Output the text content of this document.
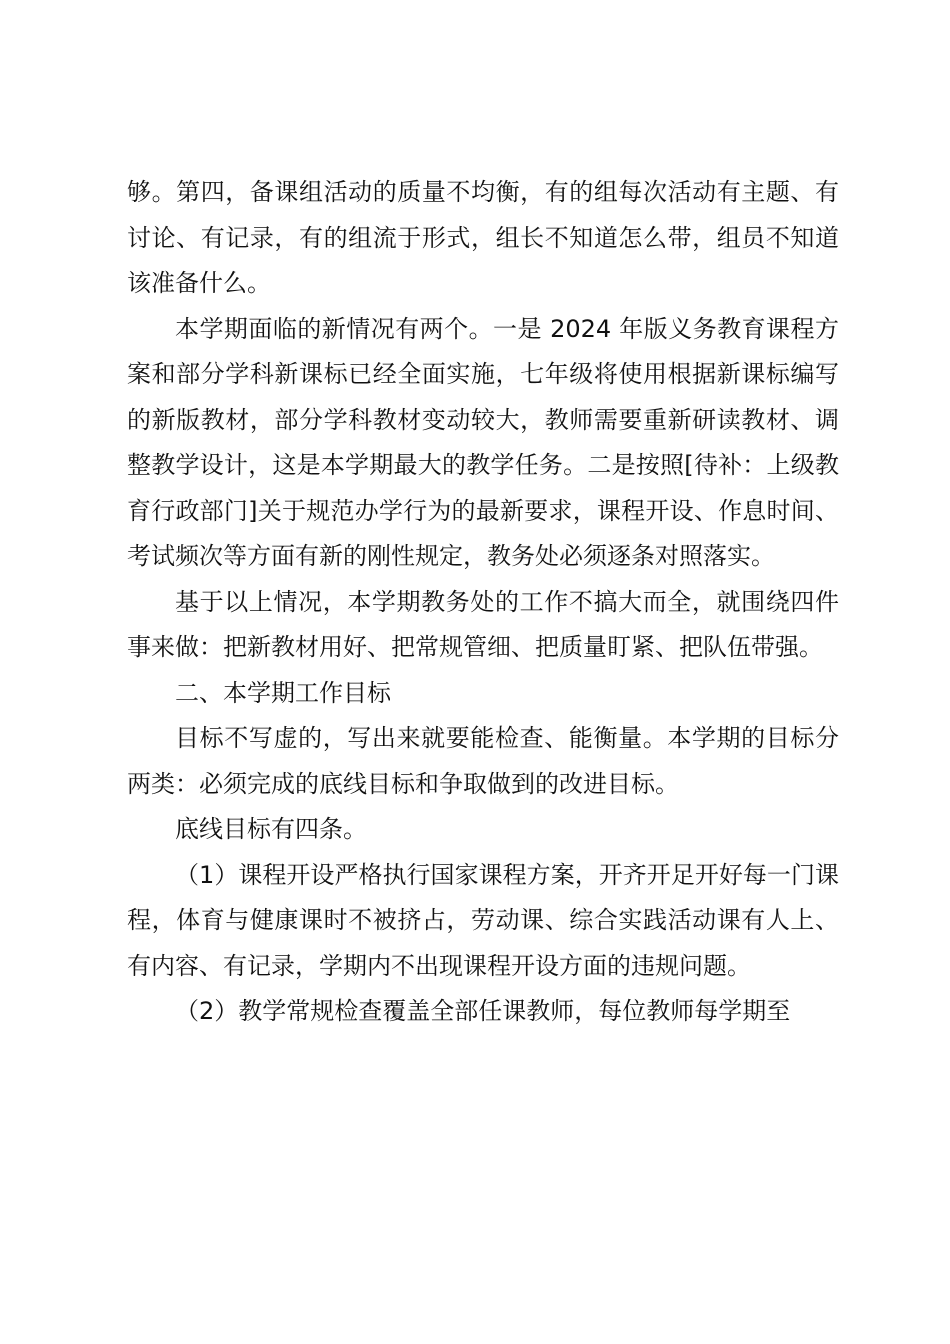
够。第四，备课组活动的质量不均衡，有的组每次活动有主题、有讨论、有记录，有的组流于形式，组长不知道怎么带，组员不知道该准备什么。

本学期面临的新情况有两个。一是 2024 年版义务教育课程方案和部分学科新课标已经全面实施，七年级将使用根据新课标编写的新版教材，部分学科教材变动较大，教师需要重新研读教材、调整教学设计，这是本学期最大的教学任务。二是按照[待补：上级教育行政部门]关于规范办学行为的最新要求，课程开设、作息时间、考试频次等方面有新的刚性规定，教务处必须逐条对照落实。

基于以上情况，本学期教务处的工作不搞大而全，就围绕四件事来做：把新教材用好、把常规管细、把质量盯紧、把队伍带强。

二、本学期工作目标

目标不写虚的，写出来就要能检查、能衡量。本学期的目标分两类：必须完成的底线目标和争取做到的改进目标。

底线目标有四条。

（1）课程开设严格执行国家课程方案，开齐开足开好每一门课程，体育与健康课时不被挤占，劳动课、综合实践活动课有人上、有内容、有记录，学期内不出现课程开设方面的违规问题。

（2）教学常规检查覆盖全部任课教师，每位教师每学期至
